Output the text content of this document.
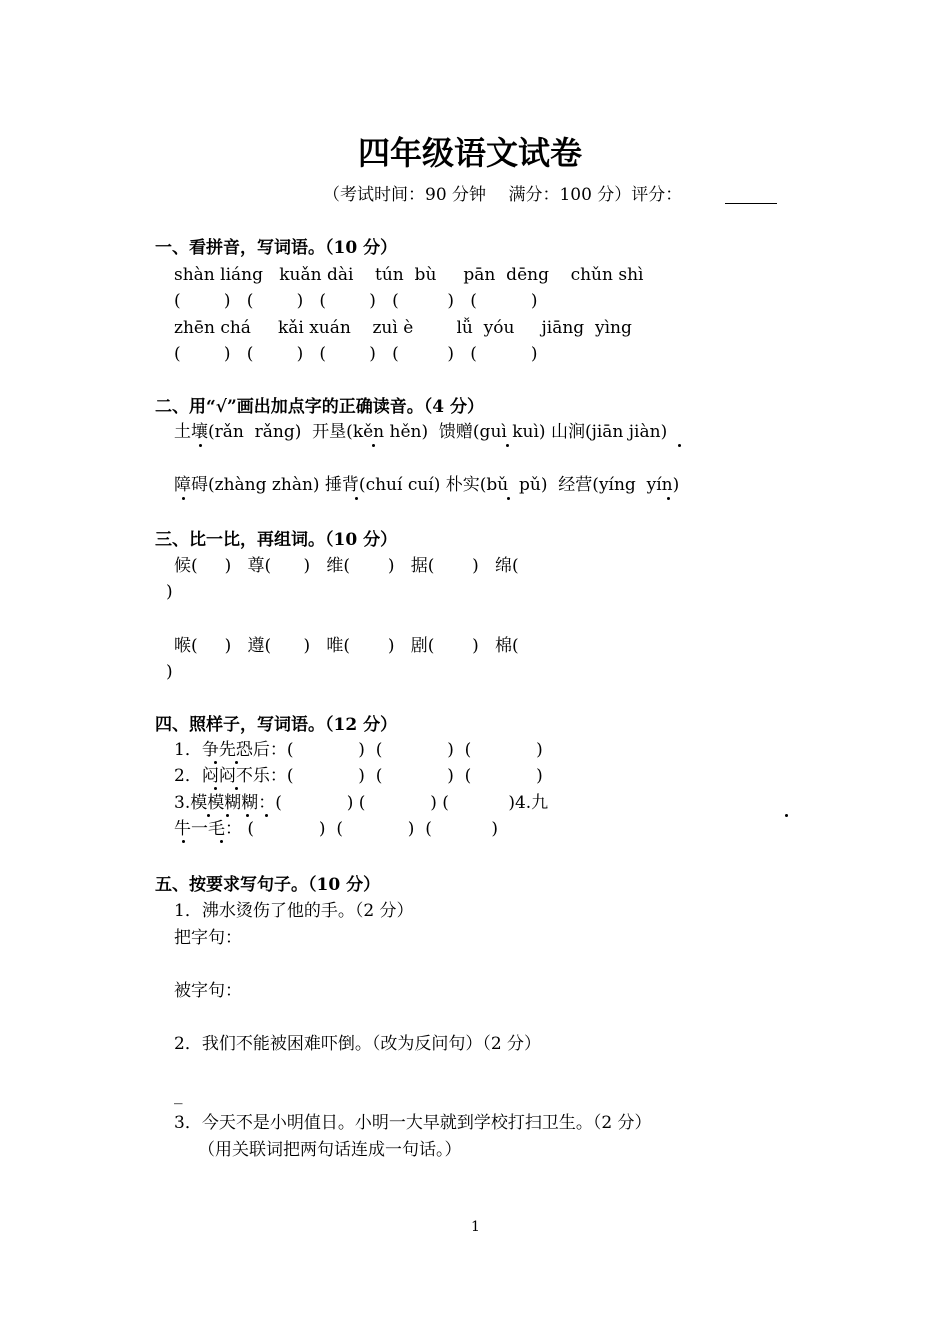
四年级语文试卷
（考试时间：90 分钟　 满分：100 分）评分：
一、看拼音，写词语。（10 分）
shàn liáng   kuǎn dài    tún  bù     pān  dēng    chǔn shì
(        )   (        )   (        )   (         )   (          )
zhēn chá     kǎi xuán    zuì è        lǚ  yóu     jiāng  yìng
(        )   (        )   (        )   (         )   (          )
二、用“√”画出加点字的正确读音。（4 分）
土壤(rǎn  rǎng)  开垦(kěn hěn)  馈赠(guì kuì) 山涧(jiān jiàn)
障碍(zhàng zhàn) 捶背(chuí cuí) 朴实(bǔ  pǔ)  经营(yíng  yín)
三、比一比，再组词。（10 分）
候(     )   尊(      )   维(       )   据(       )   绵(
)
喉(     )   遵(      )   唯(       )   剧(       )   棉(
)
四、照样子，写词语。（12 分）
1．争先恐后：(            )  (            )  (            )
2．闷闷不乐：(            )  (            )  (            )
3.模模糊糊：(            ) (            ) (           )4.九
牛一毛： (            )  (            )  (           )
五、按要求写句子。（10 分）
1．沸水烫伤了他的手。（2 分）
把字句：
被字句：
2．我们不能被困难吓倒。（改为反问句）（2 分）
_
3．今天不是小明值日。小明一大早就到学校打扫卫生。（2 分）
（用关联词把两句话连成一句话。）
1
